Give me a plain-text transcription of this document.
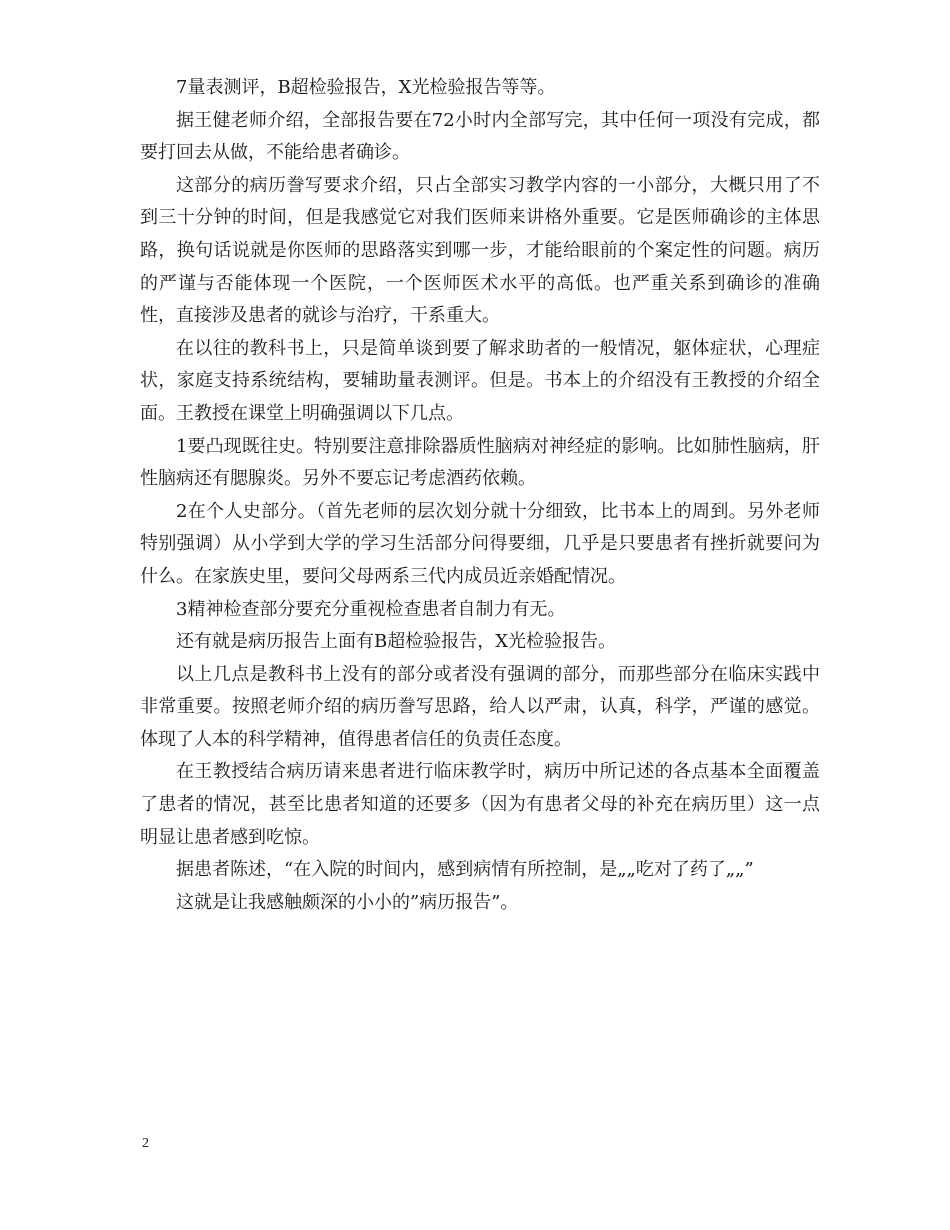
7量表测评，B超检验报告，X光检验报告等等。

据王健老师介绍，全部报告要在72小时内全部写完，其中任何一项没有完成，都要打回去从做，不能给患者确诊。

这部分的病历誊写要求介绍，只占全部实习教学内容的一小部分，大概只用了不到三十分钟的时间，但是我感觉它对我们医师来讲格外重要。它是医师确诊的主体思路，换句话说就是你医师的思路落实到哪一步，才能给眼前的个案定性的问题。病历的严谨与否能体现一个医院，一个医师医术水平的高低。也严重关系到确诊的准确性，直接涉及患者的就诊与治疗，干系重大。

在以往的教科书上，只是简单谈到要了解求助者的一般情况，躯体症状，心理症状，家庭支持系统结构，要辅助量表测评。但是。书本上的介绍没有王教授的介绍全面。王教授在课堂上明确强调以下几点。

1要凸现既往史。特别要注意排除器质性脑病对神经症的影响。比如肺性脑病，肝性脑病还有腮腺炎。另外不要忘记考虑酒药依赖。

2在个人史部分。（首先老师的层次划分就十分细致，比书本上的周到。另外老师特别强调）从小学到大学的学习生活部分问得要细，几乎是只要患者有挫折就要问为什么。在家族史里，要问父母两系三代内成员近亲婚配情况。

3精神检查部分要充分重视检查患者自制力有无。

还有就是病历报告上面有B超检验报告，X光检验报告。

以上几点是教科书上没有的部分或者没有强调的部分，而那些部分在临床实践中非常重要。按照老师介绍的病历誊写思路，给人以严肃，认真，科学，严谨的感觉。体现了人本的科学精神，值得患者信任的负责任态度。

在王教授结合病历请来患者进行临床教学时，病历中所记述的各点基本全面覆盖了患者的情况，甚至比患者知道的还要多（因为有患者父母的补充在病历里）这一点明显让患者感到吃惊。

据患者陈述，“在入院的时间内，感到病情有所控制，是„„吃对了药了„„”

这就是让我感触颇深的小小的”病历报告”。

2
